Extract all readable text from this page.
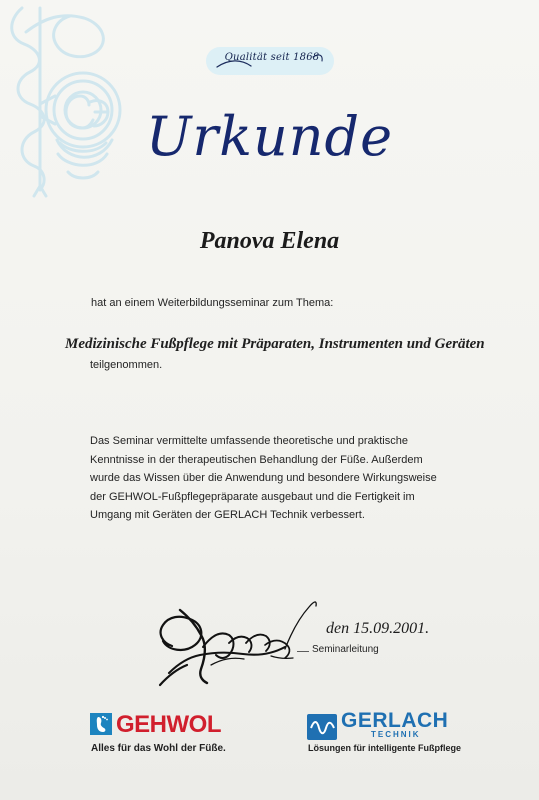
Qualität seit 1868
Urkunde
Panova Elena
hat an einem Weiterbildungsseminar zum Thema:
Medizinische Fußpflege mit Präparaten, Instrumenten und Geräten
teilgenommen.
Das Seminar vermittelte umfassende theoretische und praktische
Kenntnisse in der therapeutischen Behandlung der Füße. Außerdem
wurde das Wissen über die Anwendung und besondere Wirkungsweise
der GEHWOL-Fußpflegepräparate ausgebaut und die Fertigkeit im
Umgang mit Geräten der GERLACH Technik verbessert.
Seminarleitung
den 15.09.2001.
GEHWOL
Alles für das Wohl der Füße.
GERLACH
TECHNIK
Lösungen für intelligente Fußpflege
